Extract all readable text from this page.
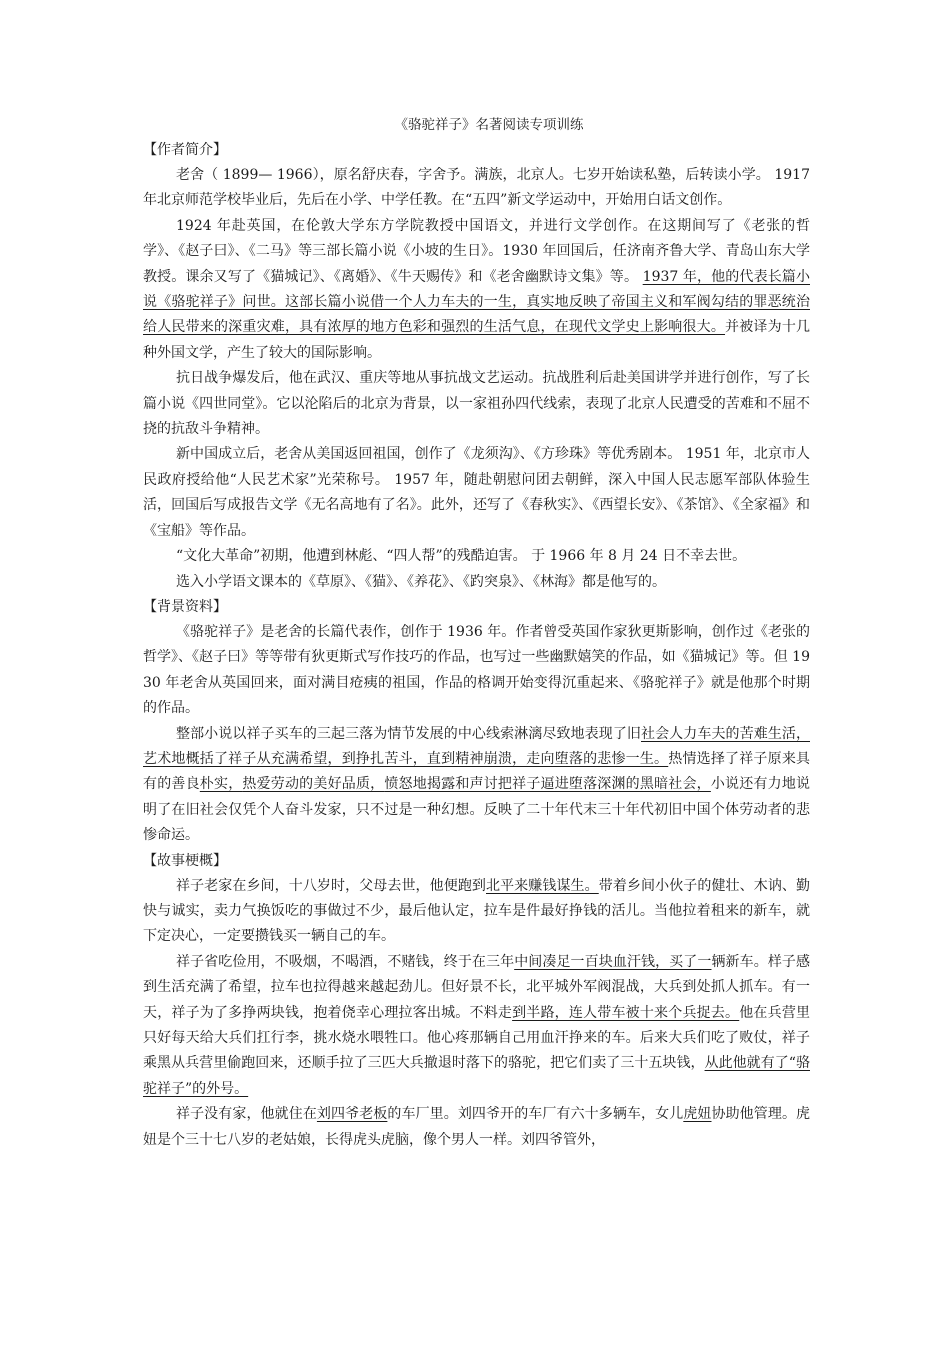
《骆驼祥子》名著阅读专项训练

【作者简介】

老舍（ 1899— 1966），原名舒庆春，字舍予。满族，北京人。七岁开始读私塾，后转读小学。 1917 年北京师范学校毕业后，先后在小学、中学任教。在“五四”新文学运动中，开始用白话文创作。

1924 年赴英国，在伦敦大学东方学院教授中国语文，并进行文学创作。在这期间写了《老张的哲学》、《赵子曰》、《二马》等三部长篇小说《小坡的生日》。1930 年回国后，任济南齐鲁大学、青岛山东大学教授。课余又写了《猫城记》、《离婚》、《牛天赐传》和《老舍幽默诗文集》等。 1937 年，他的代表长篇小说《骆驼祥子》问世。这部长篇小说借一个人力车夫的一生，真实地反映了帝国主义和军阀勾结的罪恶统治给人民带来的深重灾难，具有浓厚的地方色彩和强烈的生活气息，在现代文学史上影响很大。并被译为十几种外国文学，产生了较大的国际影响。

抗日战争爆发后，他在武汉、重庆等地从事抗战文艺运动。抗战胜利后赴美国讲学并进行创作，写了长篇小说《四世同堂》。它以沦陷后的北京为背景，以一家祖孙四代线索，表现了北京人民遭受的苦难和不屈不挠的抗敌斗争精神。

新中国成立后，老舍从美国返回祖国，创作了《龙须沟》、《方珍珠》等优秀剧本。 1951 年，北京市人民政府授给他“人民艺术家”光荣称号。 1957 年，随赴朝慰问团去朝鲜，深入中国人民志愿军部队体验生活，回国后写成报告文学《无名高地有了名》。此外，还写了《春秋实》、《西望长安》、《茶馆》、《全家福》和《宝船》等作品。

“文化大革命”初期，他遭到林彪、“四人帮”的残酷迫害。 于 1966 年 8 月 24 日不幸去世。

选入小学语文课本的《草原》、《猫》、《养花》、《趵突泉》、《林海》都是他写的。

【背景资料】

《骆驼祥子》是老舍的长篇代表作，创作于 1936 年。作者曾受英国作家狄更斯影响，创作过《老张的哲学》、《赵子曰》等等带有狄更斯式写作技巧的作品，也写过一些幽默嬉笑的作品，如《猫城记》等。但 1930 年老舍从英国回来，面对满目疮痍的祖国，作品的格调开始变得沉重起来、《骆驼祥子》就是他那个时期的作品。

整部小说以祥子买车的三起三落为情节发展的中心线索淋漓尽致地表现了旧社会人力车夫的苦难生活，艺术地概括了祥子从充满希望，到挣扎苦斗，直到精神崩溃，走向堕落的悲惨一生。热情选择了祥子原来具有的善良朴实，热爱劳动的美好品质，愤怒地揭露和声讨把祥子逼进堕落深渊的黑暗社会，小说还有力地说明了在旧社会仅凭个人奋斗发家，只不过是一种幻想。反映了二十年代末三十年代初旧中国个体劳动者的悲惨命运。

【故事梗概】

祥子老家在乡间，十八岁时，父母去世，他便跑到北平来赚钱谋生。带着乡间小伙子的健壮、木讷、勤快与诚实，卖力气换饭吃的事做过不少，最后他认定，拉车是件最好挣钱的活儿。当他拉着租来的新车，就下定决心，一定要攒钱买一辆自己的车。

祥子省吃俭用，不吸烟，不喝酒，不赌钱，终于在三年中间凑足一百块血汗钱，买了一辆新车。样子感到生活充满了希望，拉车也拉得越来越起劲儿。但好景不长，北平城外军阀混战，大兵到处抓人抓车。有一天，祥子为了多挣两块钱，抱着侥幸心理拉客出城。不料走到半路，连人带车被十来个兵捉去。他在兵营里只好每天给大兵们扛行李，挑水烧水喂牲口。他心疼那辆自己用血汗挣来的车。后来大兵们吃了败仗，祥子乘黑从兵营里偷跑回来，还顺手拉了三匹大兵撤退时落下的骆驼，把它们卖了三十五块钱，从此他就有了“骆驼祥子”的外号。

祥子没有家，他就住在刘四爷老板的车厂里。刘四爷开的车厂有六十多辆车，女儿虎妞协助他管理。虎妞是个三十七八岁的老姑娘，长得虎头虎脑，像个男人一样。刘四爷管外，
